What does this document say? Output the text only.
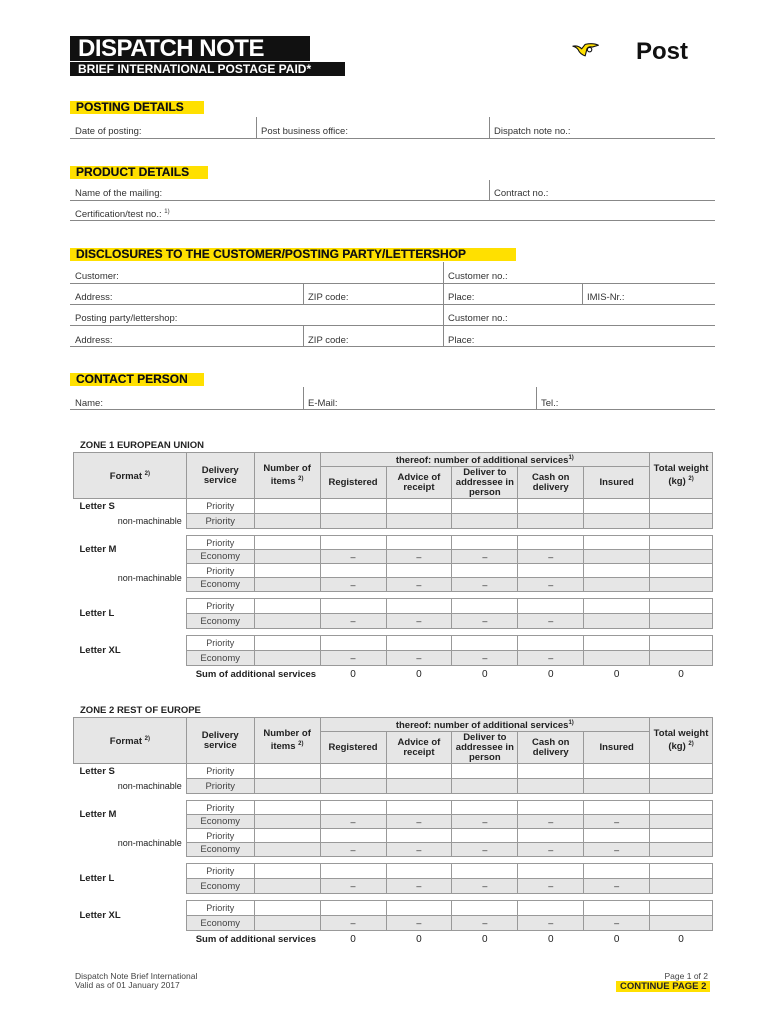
DISPATCH NOTE
BRIEF INTERNATIONAL POSTAGE PAID*
Post
POSTING DETAILS
Date of posting:	Post business office:	Dispatch note no.:
PRODUCT DETAILS
Name of the mailing:	Contract no.:
Certification/test no.: $^{1)}$
DISCLOSURES TO THE CUSTOMER/POSTING PARTY/LETTERSHOP
Customer:	Customer no.:
Address:	ZIP code:	Place:	IMIS-Nr.:
Posting party/lettershop:	Customer no.:
Address:	ZIP code:	Place:
CONTACT PERSON
Name:	E-Mail:	Tel.:
ZONE 1 EUROPEAN UNION
Format $^{2)}$	Delivery service	Number of items $^{2)}$	thereof: number of additional services$^{1)}$					Total weight (kg) $^{2)}$
			Registered	Advice of receipt	Deliver to addressee in person	Cash on delivery	Insured	
Letter S	Priority							
non-machinable	Priority							

Letter M	Priority							
	Economy		–	–	–	–		
non-machinable	Priority							
	Economy		–	–	–	–		

Letter L	Priority							
	Economy		–	–	–	–		

Letter XL	Priority							
	Economy		–	–	–	–		
Sum of additional services			0	0	0	0	0	0
ZONE 2 REST OF EUROPE
Format $^{2)}$	Delivery service	Number of items $^{2)}$	thereof: number of additional services$^{1)}$					Total weight (kg) $^{2)}$
			Registered	Advice of receipt	Deliver to addressee in person	Cash on delivery	Insured	
Letter S	Priority							
non-machinable	Priority							

Letter M	Priority							
	Economy		–	–	–	–	–	
non-machinable	Priority							
	Economy		–	–	–	–	–	

Letter L	Priority							
	Economy		–	–	–	–	–	

Letter XL	Priority							
	Economy		–	–	–	–	–	
Sum of additional services			0	0	0	0	0	0
Dispatch Note Brief International
Valid as of 01 January 2017
Page 1 of 2
CONTINUE PAGE 2
